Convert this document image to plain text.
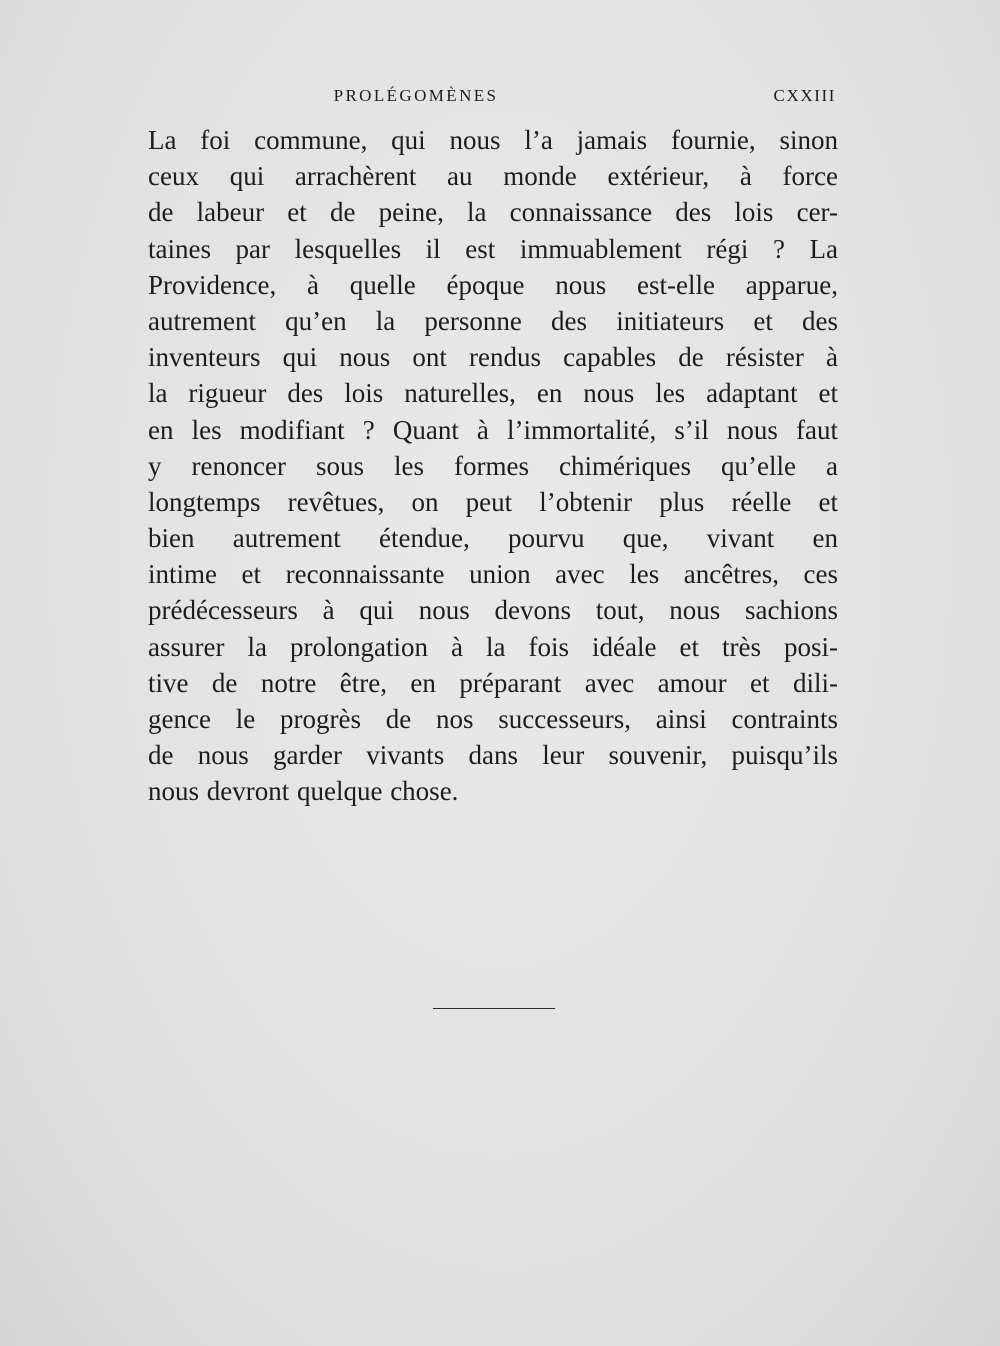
PROLÉGOMÈNES	CXXIII
La foi commune, qui nous l’a jamais fournie, sinon
ceux qui arrachèrent au monde extérieur, à force
de labeur et de peine, la connaissance des lois cer-
taines par lesquelles il est immuablement régi ? La
Providence, à quelle époque nous est-elle apparue,
autrement qu’en la personne des initiateurs et des
inventeurs qui nous ont rendus capables de résister à
la rigueur des lois naturelles, en nous les adaptant et
en les modifiant ? Quant à l’immortalité, s’il nous faut
y renoncer sous les formes chimériques qu’elle a
longtemps revêtues, on peut l’obtenir plus réelle et
bien autrement étendue, pourvu que, vivant en
intime et reconnaissante union avec les ancêtres, ces
prédécesseurs à qui nous devons tout, nous sachions
assurer la prolongation à la fois idéale et très posi-
tive de notre être, en préparant avec amour et dili-
gence le progrès de nos successeurs, ainsi contraints
de nous garder vivants dans leur souvenir, puisqu’ils
nous devront quelque chose.
